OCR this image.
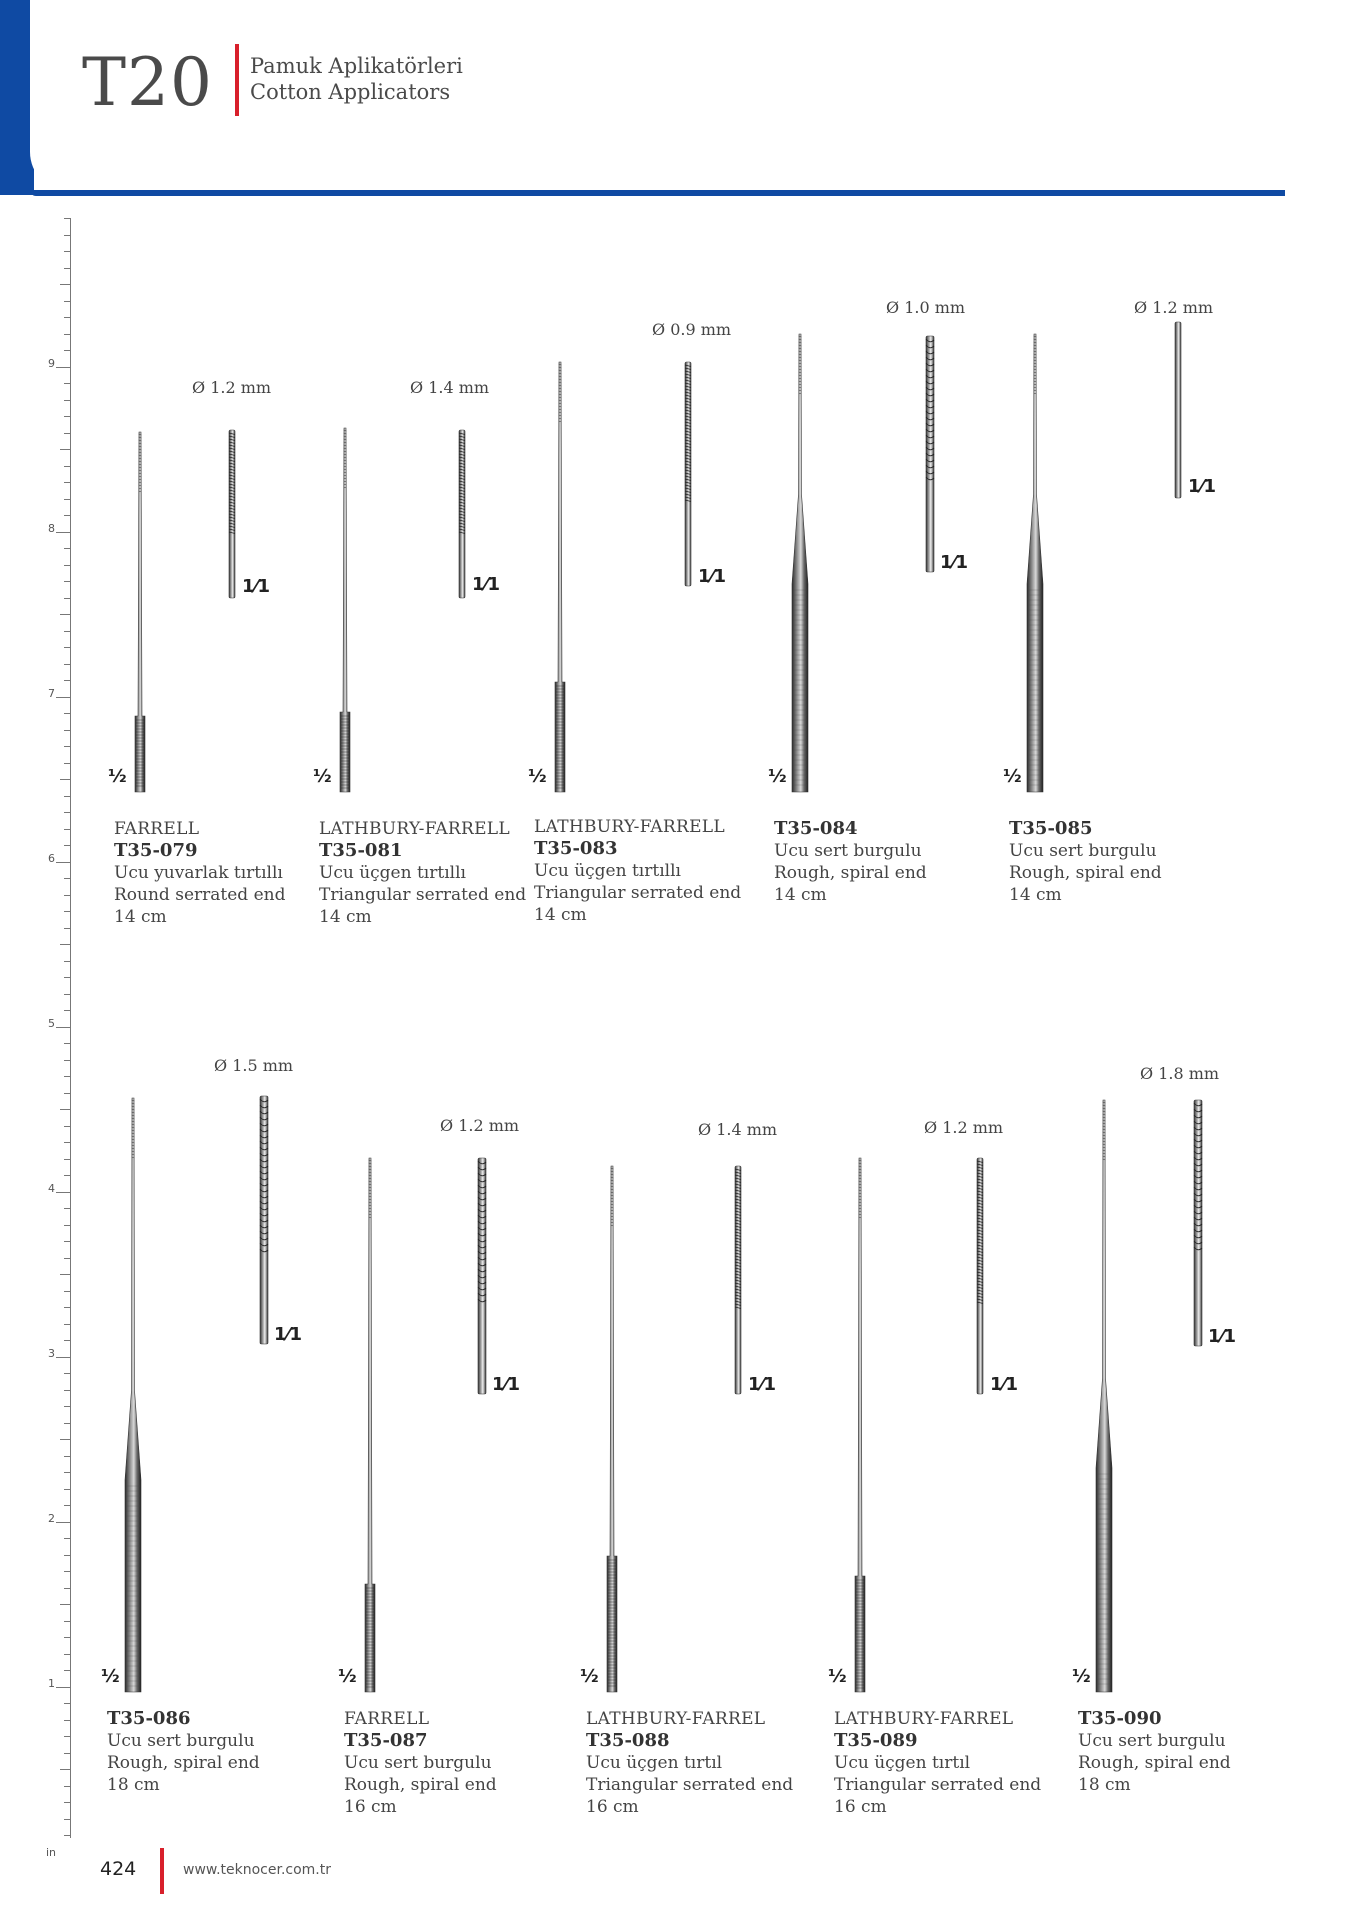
T20 Pamuk Aplikatörleri
Cotton Applicators
in
9
8
7
6
5
4
3
2
1
Ø 1.2 mm
½
1⁄1
FARRELL
T35-079
Ucu yuvarlak tırtıllı
Round serrated end
14 cm
Ø 1.4 mm
½
1⁄1
LATHBURY-FARRELL
T35-081
Ucu üçgen tırtıllı
Triangular serrated end
14 cm
Ø 0.9 mm
½
1⁄1
LATHBURY-FARRELL
T35-083
Ucu üçgen tırtıllı
Triangular serrated end
14 cm
Ø 1.0 mm
½
1⁄1
T35-084
Ucu sert burgulu
Rough, spiral end
14 cm
Ø 1.2 mm
½
1⁄1
T35-085
Ucu sert burgulu
Rough, spiral end
14 cm
Ø 1.5 mm
½
1⁄1
T35-086
Ucu sert burgulu
Rough, spiral end
18 cm
Ø 1.2 mm
½
1⁄1
FARRELL
T35-087
Ucu sert burgulu
Rough, spiral end
16 cm
Ø 1.4 mm
½
1⁄1
LATHBURY-FARREL
T35-088
Ucu üçgen tırtıl
Triangular serrated end
16 cm
Ø 1.2 mm
½
1⁄1
LATHBURY-FARREL
T35-089
Ucu üçgen tırtıl
Triangular serrated end
16 cm
Ø 1.8 mm
½
1⁄1
T35-090
Ucu sert burgulu
Rough, spiral end
18 cm
424	www.teknocer.com.tr
